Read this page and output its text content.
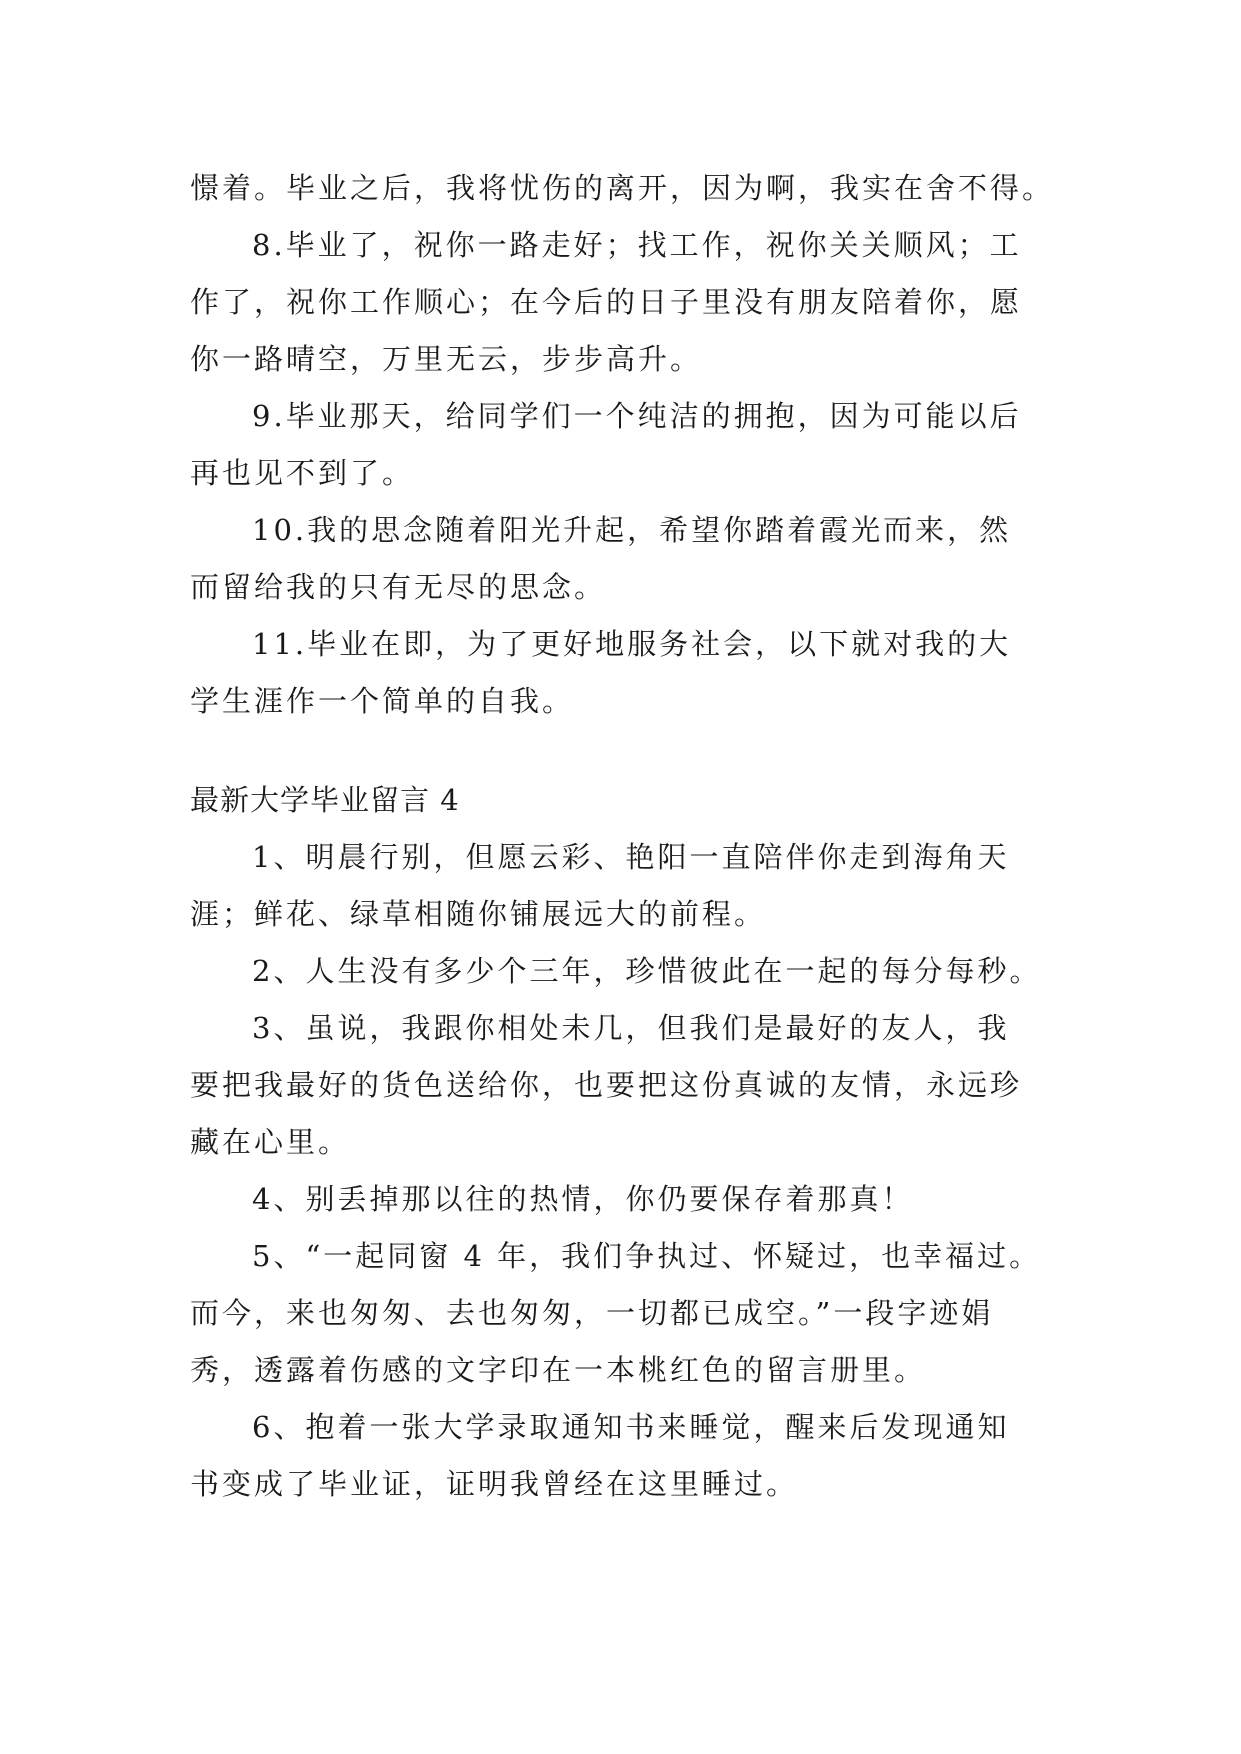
憬着。毕业之后，我将忧伤的离开，因为啊，我实在舍不得。
8.毕业了，祝你一路走好；找工作，祝你关关顺风；工
作了，祝你工作顺心；在今后的日子里没有朋友陪着你，愿
你一路晴空，万里无云，步步高升。
9.毕业那天，给同学们一个纯洁的拥抱，因为可能以后
再也见不到了。
10.我的思念随着阳光升起，希望你踏着霞光而来，然
而留给我的只有无尽的思念。
11.毕业在即，为了更好地服务社会，以下就对我的大
学生涯作一个简单的自我。
最新大学毕业留言 4
1、明晨行别，但愿云彩、艳阳一直陪伴你走到海角天
涯；鲜花、绿草相随你铺展远大的前程。
2、人生没有多少个三年，珍惜彼此在一起的每分每秒。
3、虽说，我跟你相处未几，但我们是最好的友人，我
要把我最好的货色送给你，也要把这份真诚的友情，永远珍
藏在心里。
4、别丢掉那以往的热情，你仍要保存着那真！
5、“一起同窗 4 年，我们争执过、怀疑过，也幸福过。
而今，来也匆匆、去也匆匆，一切都已成空。”一段字迹娟
秀，透露着伤感的文字印在一本桃红色的留言册里。
6、抱着一张大学录取通知书来睡觉，醒来后发现通知
书变成了毕业证，证明我曾经在这里睡过。
